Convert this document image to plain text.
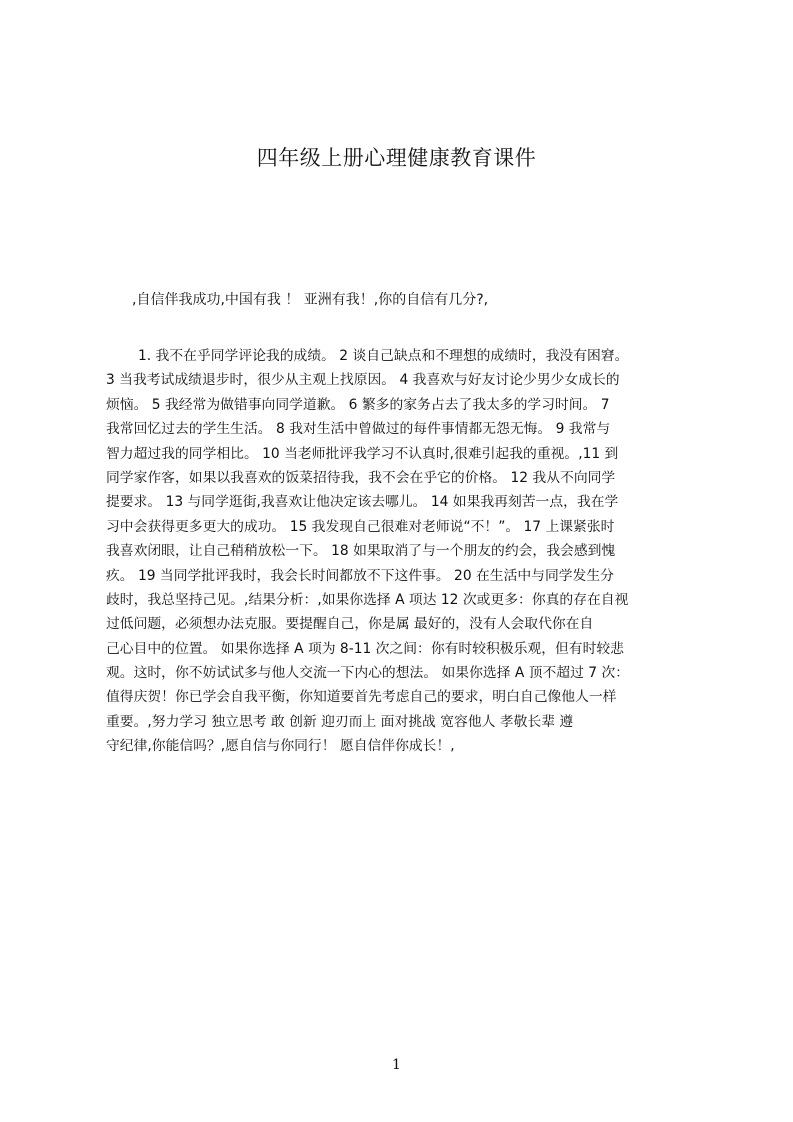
四年级上册心理健康教育课件
,自信伴我成功,中国有我 ！ 亚洲有我！,你的自信有几分?,
1. 我不在乎同学评论我的成绩。 2 谈自己缺点和不理想的成绩时，我没有困窘。
3 当我考试成绩退步时，很少从主观上找原因。 4 我喜欢与好友讨论少男少女成长的
烦恼。 5 我经常为做错事向同学道歉。 6 繁多的家务占去了我太多的学习时间。 7
我常回忆过去的学生生活。 8 我对生活中曾做过的每件事情都无怨无悔。 9 我常与
智力超过我的同学相比。 10 当老师批评我学习不认真时,很难引起我的重视。,11 到
同学家作客，如果以我喜欢的饭菜招待我，我不会在乎它的价格。 12 我从不向同学
提要求。 13 与同学逛街,我喜欢让他决定该去哪儿。 14 如果我再刻苦一点，我在学
习中会获得更多更大的成功。 15 我发现自己很难对老师说“不！”。 17 上课紧张时
我喜欢闭眼，让自己稍稍放松一下。 18 如果取消了与一个朋友的约会，我会感到愧
疚。 19 当同学批评我时，我会长时间都放不下这件事。 20 在生活中与同学发生分
歧时，我总坚持己见。,结果分析：,如果你选择 A 项达 12 次或更多：你真的存在自视
过低问题，必须想办法克服。要提醒自己，你是属 最好的，没有人会取代你在自
己心目中的位置。 如果你选择 A 项为 8-11 次之间：你有时较积极乐观，但有时较悲
观。这时，你不妨试试多与他人交流一下内心的想法。 如果你选择 A 顶不超过 7 次：
值得庆贺！你已学会自我平衡，你知道要首先考虑自己的要求，明白自己像他人一样
重要。,努力学习 独立思考 敢 创新 迎刃而上 面对挑战 宽容他人 孝敬长辈 遵
守纪律,你能信吗？,愿自信与你同行！ 愿自信伴你成长！,
1
